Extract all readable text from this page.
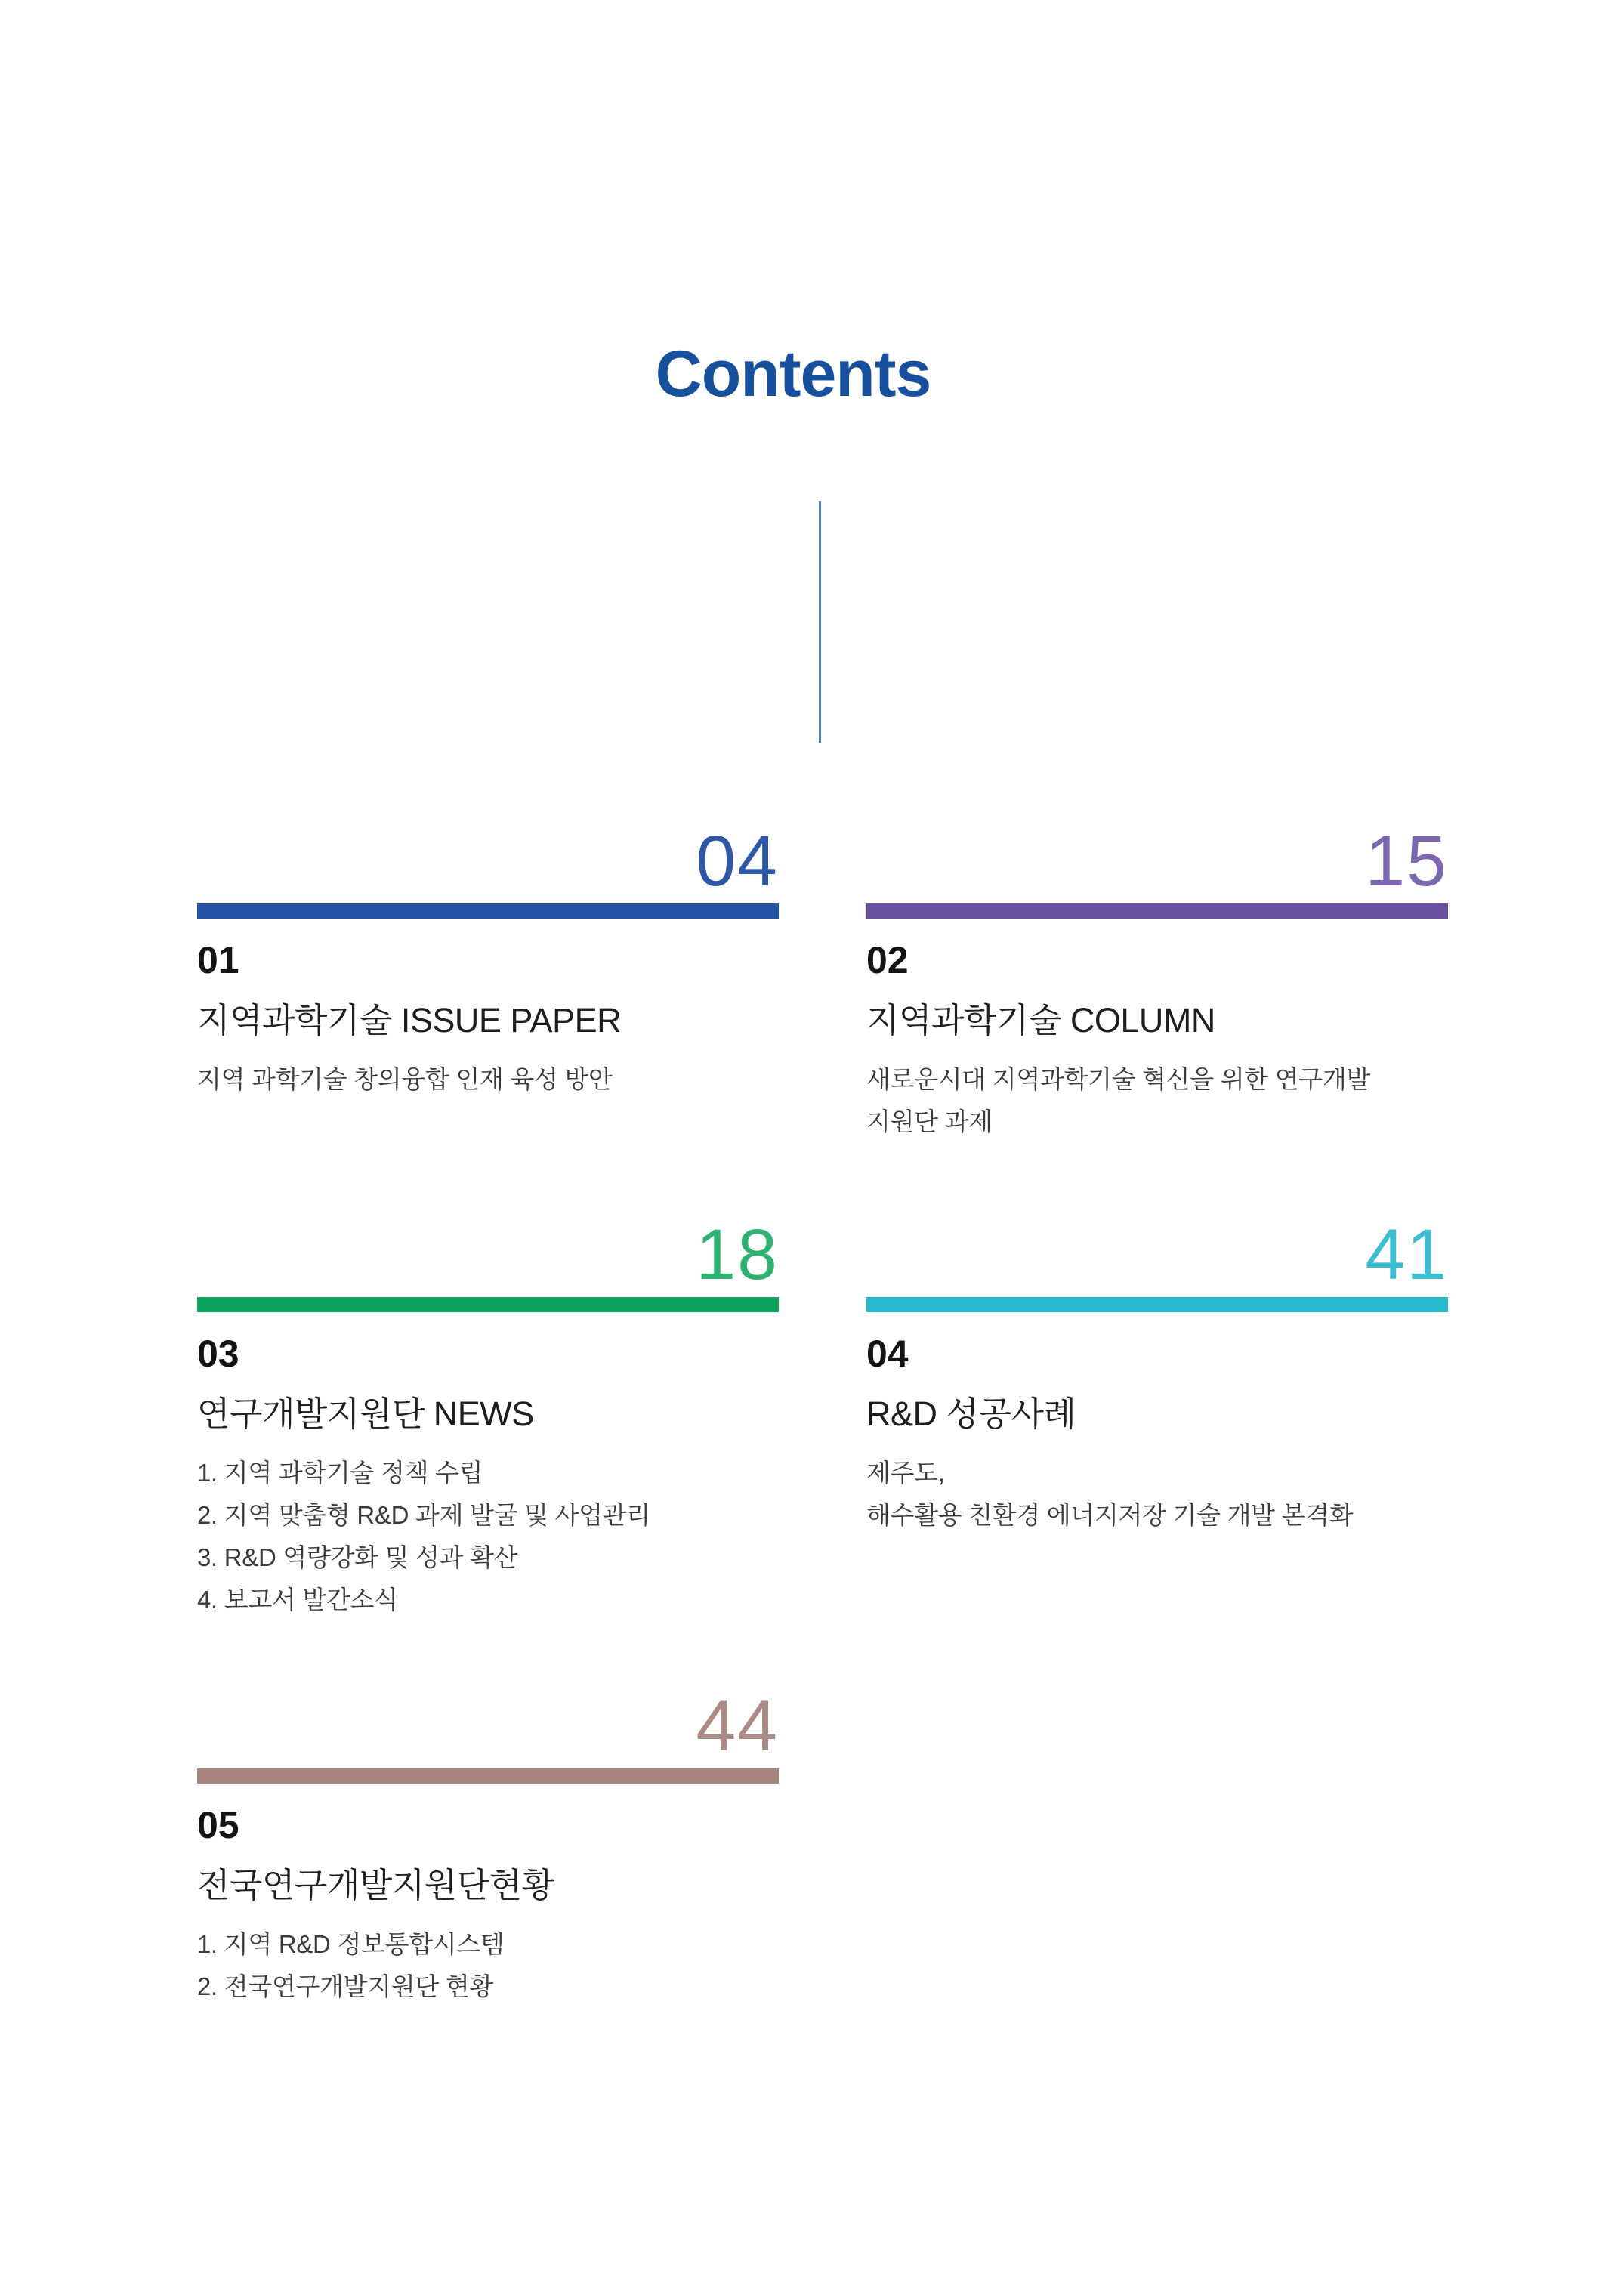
Contents
04
01
지역과학기술 ISSUE PAPER
지역 과학기술 창의융합 인재 육성 방안
15
02
지역과학기술 COLUMN
새로운시대 지역과학기술 혁신을 위한 연구개발
지원단 과제
18
03
연구개발지원단 NEWS
1. 지역 과학기술 정책 수립
2. 지역 맞춤형 R&D 과제 발굴 및 사업관리
3. R&D 역량강화 및 성과 확산
4. 보고서 발간소식
41
04
R&D 성공사례
제주도,
해수활용 친환경 에너지저장 기술 개발 본격화
44
05
전국연구개발지원단현황
1. 지역 R&D 정보통합시스템
2. 전국연구개발지원단 현황
